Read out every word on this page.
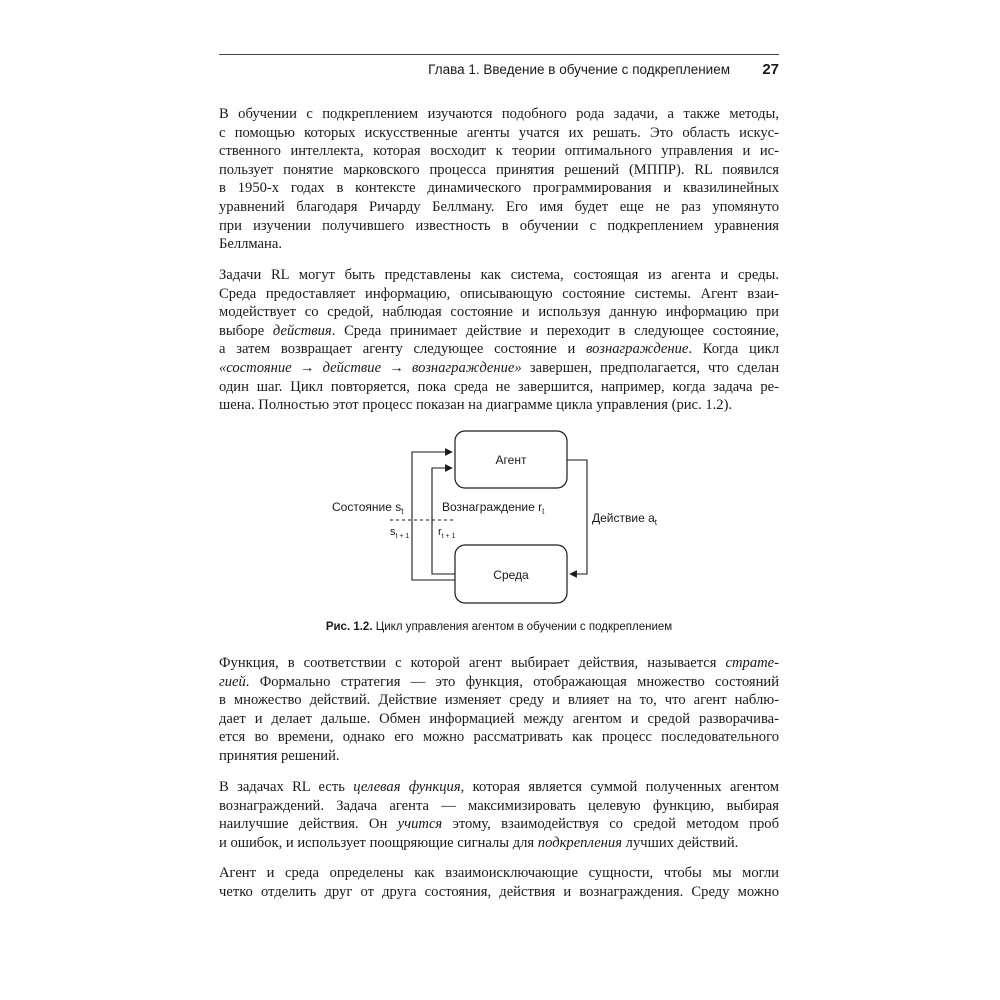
Глава 1. Введение в обучение с подкреплением 27
В обучении с подкреплением изучаются подобного рода задачи, а также методы,
с помощью которых искусственные агенты учатся их решать. Это область искус-
ственного интеллекта, которая восходит к теории оптимального управления и ис-
пользует понятие марковского процесса принятия решений (МППР). RL появился
в 1950-х годах в контексте динамического программирования и квазилинейных
уравнений благодаря Ричарду Беллману. Его имя будет еще не раз упомянуто
при изучении получившего известность в обучении с подкреплением уравнения
Беллмана.
Задачи RL могут быть представлены как система, состоящая из агента и среды.
Среда предоставляет информацию, описывающую состояние системы. Агент взаи-
модействует со средой, наблюдая состояние и используя данную информацию при
выборе действия. Среда принимает действие и переходит в следующее состояние,
а затем возвращает агенту следующее состояние и вознаграждение. Когда цикл
«состояние → действие → вознаграждение» завершен, предполагается, что сделан
один шаг. Цикл повторяется, пока среда не завершится, например, когда задача ре-
шена. Полностью этот процесс показан на диаграмме цикла управления (рис. 1.2).
Агент
Среда
Состояние $s_t$	Вознаграждение $r_t$	Действие $a_t$
$s_{t + 1}$	$r_{t + 1}$
Рис. 1.2. Цикл управления агентом в обучении с подкреплением
Функция, в соответствии с которой агент выбирает действия, называется страте-
гией. Формально стратегия — это функция, отображающая множество состояний
в множество действий. Действие изменяет среду и влияет на то, что агент наблю-
дает и делает дальше. Обмен информацией между агентом и средой разворачива-
ется во времени, однако его можно рассматривать как процесс последовательного
принятия решений.
В задачах RL есть целевая функция, которая является суммой полученных агентом
вознаграждений. Задача агента — максимизировать целевую функцию, выбирая
наилучшие действия. Он учится этому, взаимодействуя со средой методом проб
и ошибок, и использует поощряющие сигналы для подкрепления лучших действий.
Агент и среда определены как взаимоисключающие сущности, чтобы мы могли
четко отделить друг от друга состояния, действия и вознаграждения. Среду можно
